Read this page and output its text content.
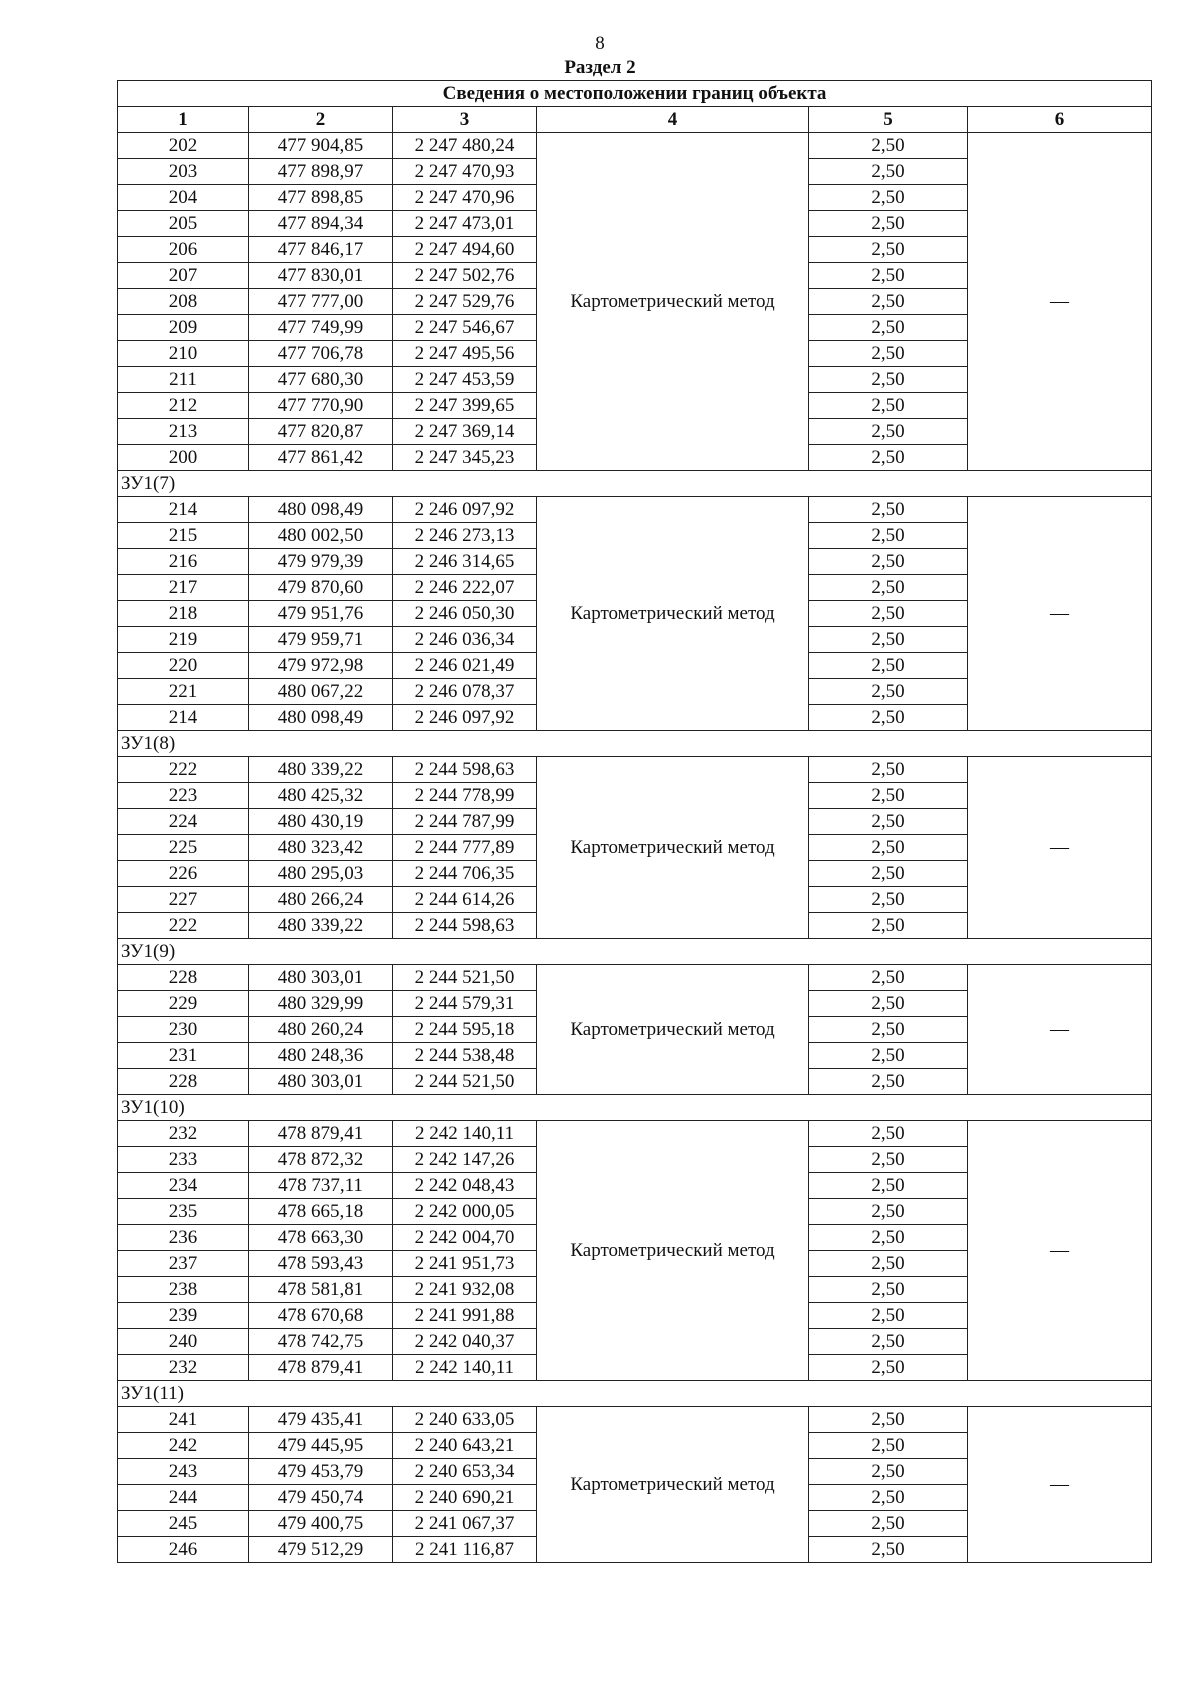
8
Раздел 2
Сведения о местоположении границ объекта					
1	2	3	4	5	6
202	477 904,85	2 247 480,24	Картометрический метод	2,50	—
203	477 898,97	2 247 470,93		2,50	
204	477 898,85	2 247 470,96		2,50	
205	477 894,34	2 247 473,01		2,50	
206	477 846,17	2 247 494,60		2,50	
207	477 830,01	2 247 502,76		2,50	
208	477 777,00	2 247 529,76		2,50	
209	477 749,99	2 247 546,67		2,50	
210	477 706,78	2 247 495,56		2,50	
211	477 680,30	2 247 453,59		2,50	
212	477 770,90	2 247 399,65		2,50	
213	477 820,87	2 247 369,14		2,50	
200	477 861,42	2 247 345,23		2,50	
ЗУ1(7)					
214	480 098,49	2 246 097,92	Картометрический метод	2,50	—
215	480 002,50	2 246 273,13		2,50	
216	479 979,39	2 246 314,65		2,50	
217	479 870,60	2 246 222,07		2,50	
218	479 951,76	2 246 050,30		2,50	
219	479 959,71	2 246 036,34		2,50	
220	479 972,98	2 246 021,49		2,50	
221	480 067,22	2 246 078,37		2,50	
214	480 098,49	2 246 097,92		2,50	
ЗУ1(8)					
222	480 339,22	2 244 598,63	Картометрический метод	2,50	—
223	480 425,32	2 244 778,99		2,50	
224	480 430,19	2 244 787,99		2,50	
225	480 323,42	2 244 777,89		2,50	
226	480 295,03	2 244 706,35		2,50	
227	480 266,24	2 244 614,26		2,50	
222	480 339,22	2 244 598,63		2,50	
ЗУ1(9)					
228	480 303,01	2 244 521,50	Картометрический метод	2,50	—
229	480 329,99	2 244 579,31		2,50	
230	480 260,24	2 244 595,18		2,50	
231	480 248,36	2 244 538,48		2,50	
228	480 303,01	2 244 521,50		2,50	
ЗУ1(10)					
232	478 879,41	2 242 140,11	Картометрический метод	2,50	—
233	478 872,32	2 242 147,26		2,50	
234	478 737,11	2 242 048,43		2,50	
235	478 665,18	2 242 000,05		2,50	
236	478 663,30	2 242 004,70		2,50	
237	478 593,43	2 241 951,73		2,50	
238	478 581,81	2 241 932,08		2,50	
239	478 670,68	2 241 991,88		2,50	
240	478 742,75	2 242 040,37		2,50	
232	478 879,41	2 242 140,11		2,50	
ЗУ1(11)					
241	479 435,41	2 240 633,05	Картометрический метод	2,50	—
242	479 445,95	2 240 643,21		2,50	
243	479 453,79	2 240 653,34		2,50	
244	479 450,74	2 240 690,21		2,50	
245	479 400,75	2 241 067,37		2,50	
246	479 512,29	2 241 116,87		2,50	
